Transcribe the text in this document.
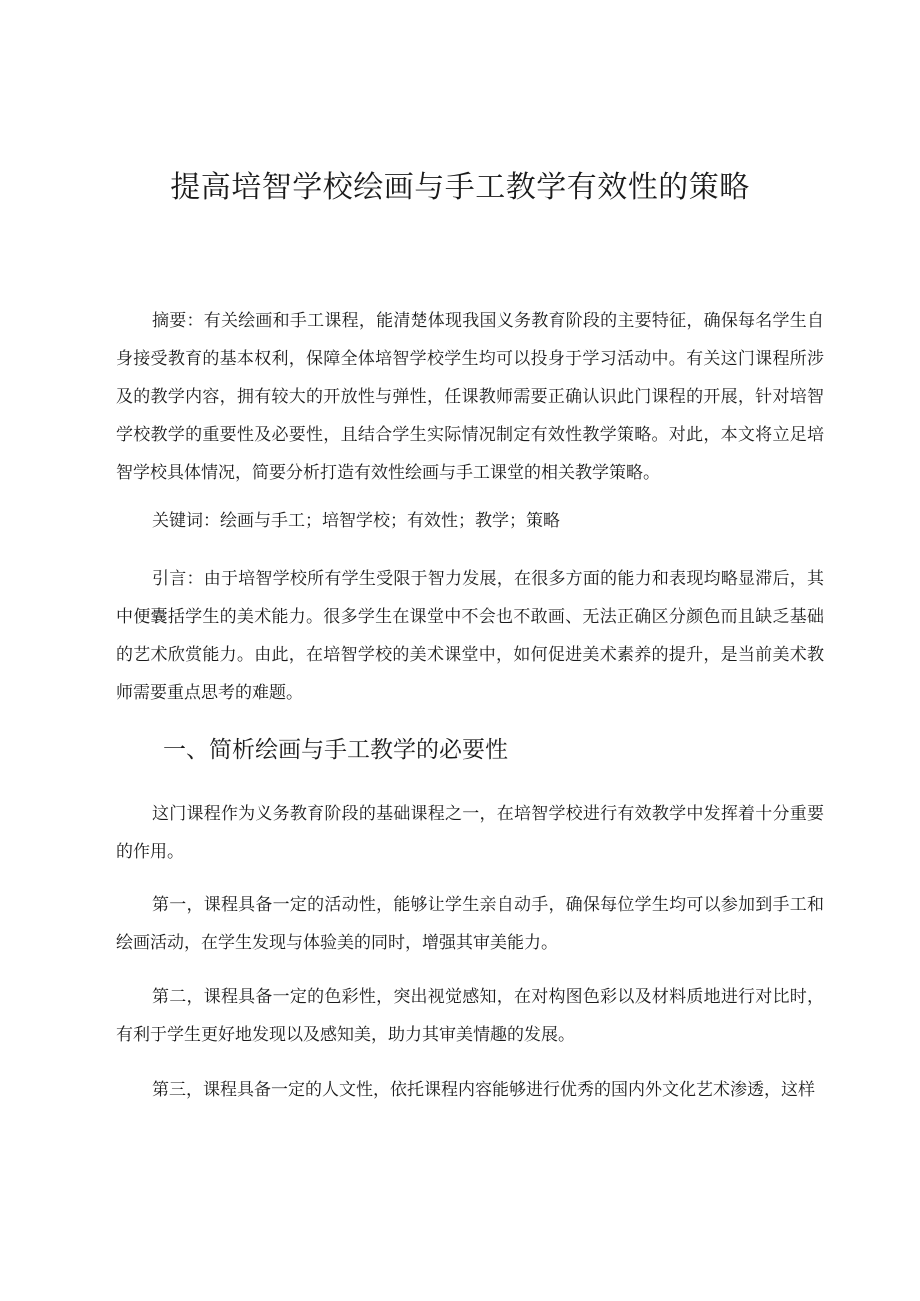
提高培智学校绘画与手工教学有效性的策略

摘要：有关绘画和手工课程，能清楚体现我国义务教育阶段的主要特征，确保每名学生自身接受教育的基本权利，保障全体培智学校学生均可以投身于学习活动中。有关这门课程所涉及的教学内容，拥有较大的开放性与弹性，任课教师需要正确认识此门课程的开展，针对培智学校教学的重要性及必要性，且结合学生实际情况制定有效性教学策略。对此，本文将立足培智学校具体情况，简要分析打造有效性绘画与手工课堂的相关教学策略。

关键词：绘画与手工；培智学校；有效性；教学；策略

引言：由于培智学校所有学生受限于智力发展，在很多方面的能力和表现均略显滞后，其中便囊括学生的美术能力。很多学生在课堂中不会也不敢画、无法正确区分颜色而且缺乏基础的艺术欣赏能力。由此，在培智学校的美术课堂中，如何促进美术素养的提升，是当前美术教师需要重点思考的难题。

一、简析绘画与手工教学的必要性

这门课程作为义务教育阶段的基础课程之一，在培智学校进行有效教学中发挥着十分重要的作用。

第一，课程具备一定的活动性，能够让学生亲自动手，确保每位学生均可以参加到手工和绘画活动，在学生发现与体验美的同时，增强其审美能力。

第二，课程具备一定的色彩性，突出视觉感知，在对构图色彩以及材料质地进行对比时，有利于学生更好地发现以及感知美，助力其审美情趣的发展。

第三，课程具备一定的人文性，依托课程内容能够进行优秀的国内外文化艺术渗透，这样
